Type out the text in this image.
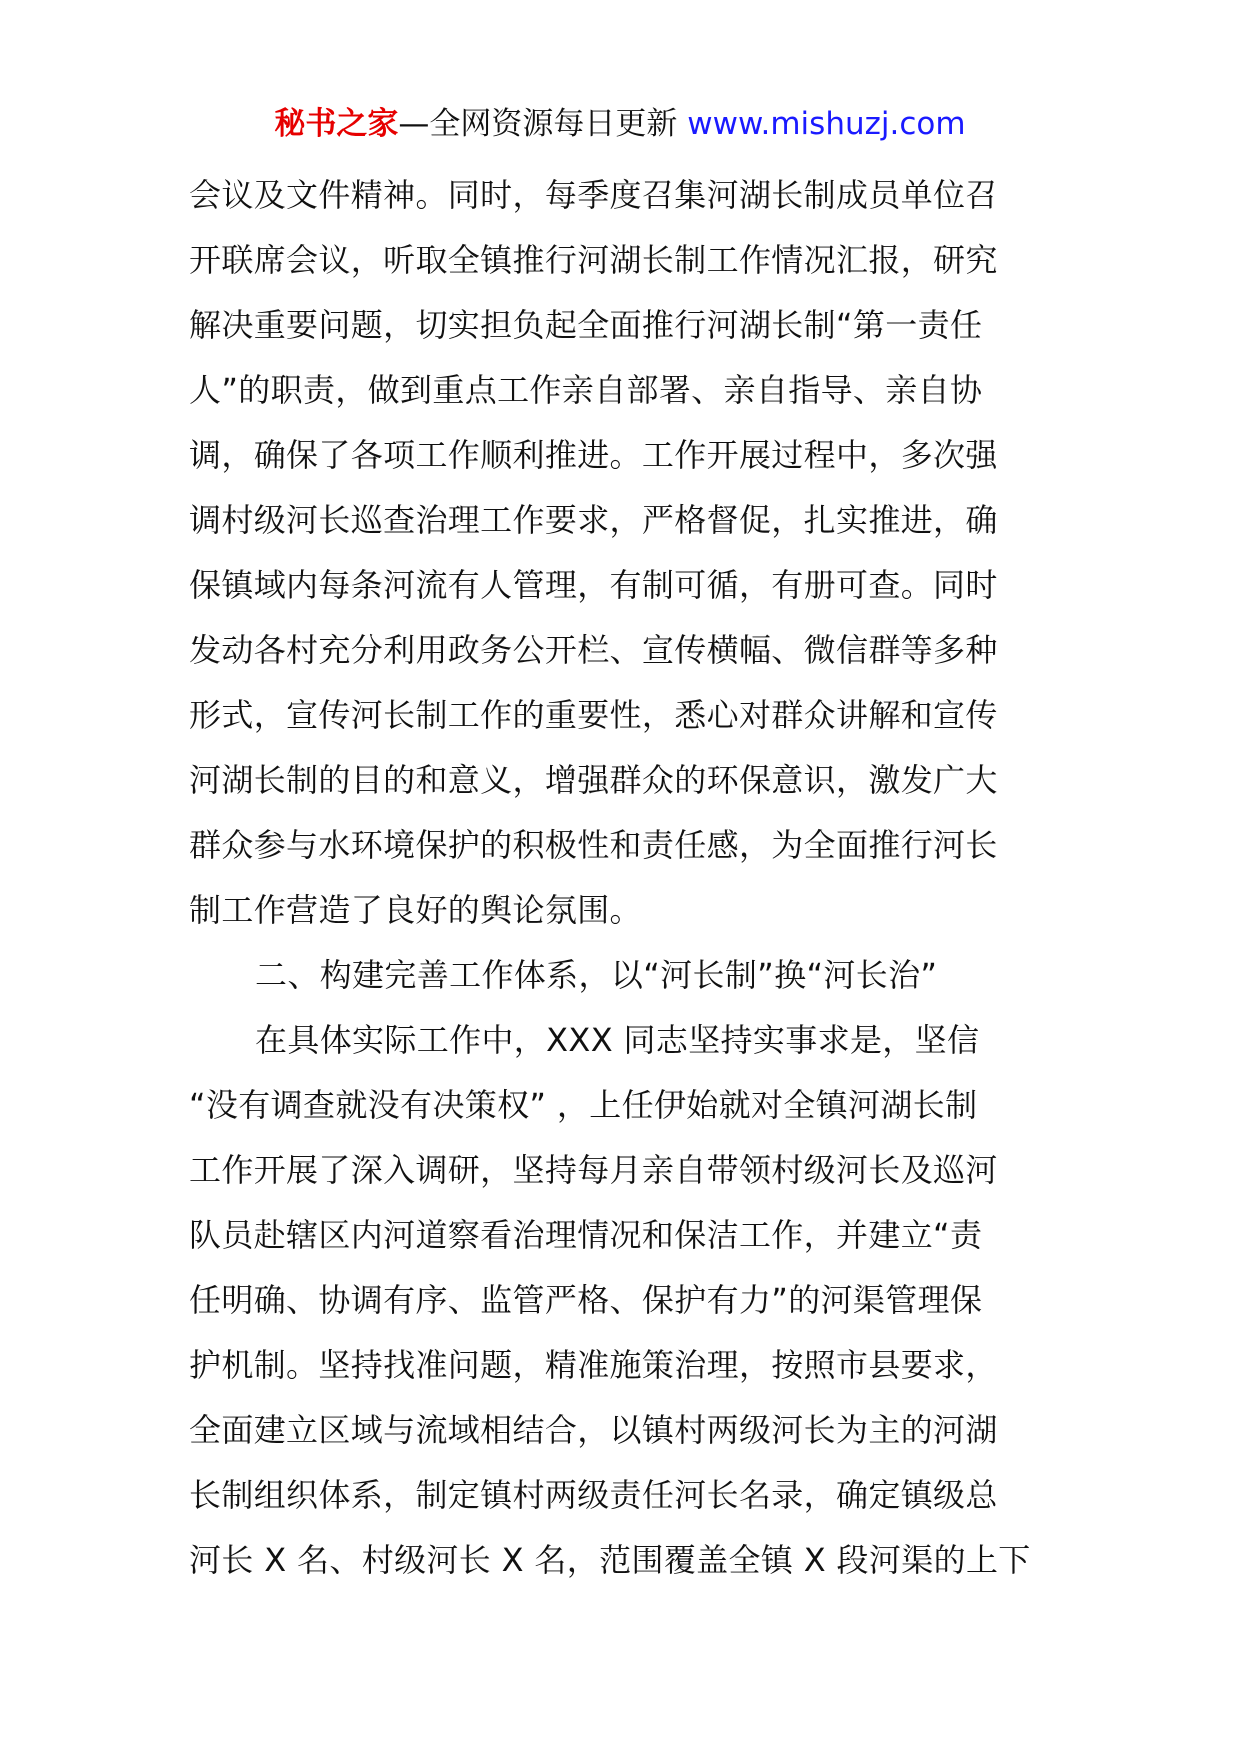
秘书之家—全网资源每日更新 www.mishuzj.com
会议及文件精神。同时，每季度召集河湖长制成员单位召
开联席会议，听取全镇推行河湖长制工作情况汇报，研究
解决重要问题，切实担负起全面推行河湖长制“第一责任
人”的职责，做到重点工作亲自部署、亲自指导、亲自协
调，确保了各项工作顺利推进。工作开展过程中，多次强
调村级河长巡查治理工作要求，严格督促，扎实推进，确
保镇域内每条河流有人管理，有制可循，有册可查。同时
发动各村充分利用政务公开栏、宣传横幅、微信群等多种
形式，宣传河长制工作的重要性，悉心对群众讲解和宣传
河湖长制的目的和意义，增强群众的环保意识，激发广大
群众参与水环境保护的积极性和责任感，为全面推行河长
制工作营造了良好的舆论氛围。
二、构建完善工作体系，以“河长制”换“河长治”
在具体实际工作中，XXX 同志坚持实事求是，坚信
“没有调查就没有决策权” ，上任伊始就对全镇河湖长制
工作开展了深入调研，坚持每月亲自带领村级河长及巡河
队员赴辖区内河道察看治理情况和保洁工作，并建立“责
任明确、协调有序、监管严格、保护有力”的河渠管理保
护机制。坚持找准问题，精准施策治理，按照市县要求，
全面建立区域与流域相结合，以镇村两级河长为主的河湖
长制组织体系，制定镇村两级责任河长名录，确定镇级总
河长 X 名、村级河长 X 名，范围覆盖全镇 X 段河渠的上下
